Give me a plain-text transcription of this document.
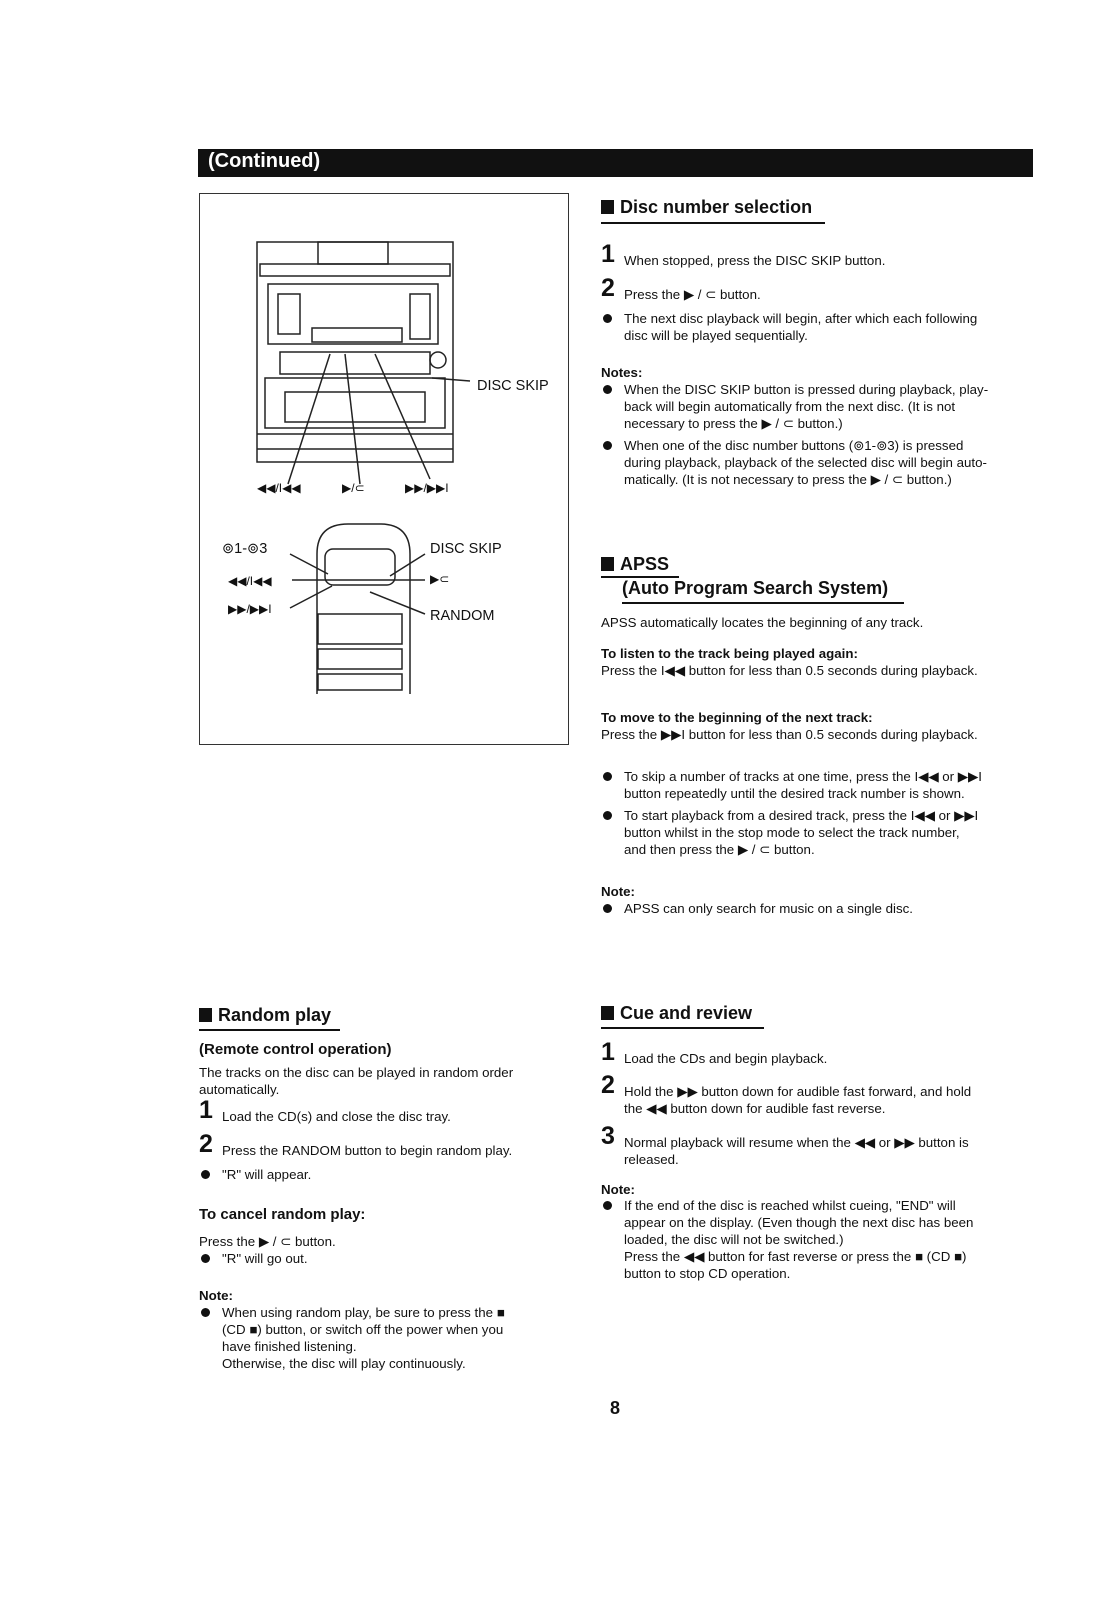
(Continued)
DISC SKIP
◀◀/I◀◀	▶/⊂	▶▶/▶▶I
⊚1-⊚3
◀◀/I◀◀
▶▶/▶▶I
DISC SKIP
▶⊂
RANDOM
Disc number selection
1 When stopped, press the DISC SKIP button.
2 Press the ▶ / ⊂ button.
The next disc playback will begin, after which each following
disc will be played sequentially.
Notes:
When the DISC SKIP button is pressed during playback, play-
back will begin automatically from the next disc. (It is not
necessary to press the ▶ / ⊂ button.)
When one of the disc number buttons (⊚1-⊚3) is pressed
during playback, playback of the selected disc will begin auto-
matically. (It is not necessary to press the ▶ / ⊂ button.)
APSS
(Auto Program Search System)
APSS automatically locates the beginning of any track.
To listen to the track being played again:
Press the I◀◀ button for less than 0.5 seconds during playback.
To move to the beginning of the next track:
Press the ▶▶I button for less than 0.5 seconds during playback.
To skip a number of tracks at one time, press the I◀◀ or ▶▶I
button repeatedly until the desired track number is shown.
To start playback from a desired track, press the I◀◀ or ▶▶I
button whilst in the stop mode to select the track number,
and then press the ▶ / ⊂ button.
Note:
APSS can only search for music on a single disc.
Random play
(Remote control operation)
The tracks on the disc can be played in random order
automatically.
1 Load the CD(s) and close the disc tray.
2 Press the RANDOM button to begin random play.
"R" will appear.
To cancel random play:
Press the ▶ / ⊂ button.
"R" will go out.
Note:
When using random play, be sure to press the ■
(CD ■) button, or switch off the power when you
have finished listening.
Otherwise, the disc will play continuously.
Cue and review
1 Load the CDs and begin playback.
2 Hold the ▶▶ button down for audible fast forward, and hold
the ◀◀ button down for audible fast reverse.
3 Normal playback will resume when the ◀◀ or ▶▶ button is
released.
Note:
If the end of the disc is reached whilst cueing, "END" will
appear on the display. (Even though the next disc has been
loaded, the disc will not be switched.)
Press the ◀◀ button for fast reverse or press the ■ (CD ■)
button to stop CD operation.
8
